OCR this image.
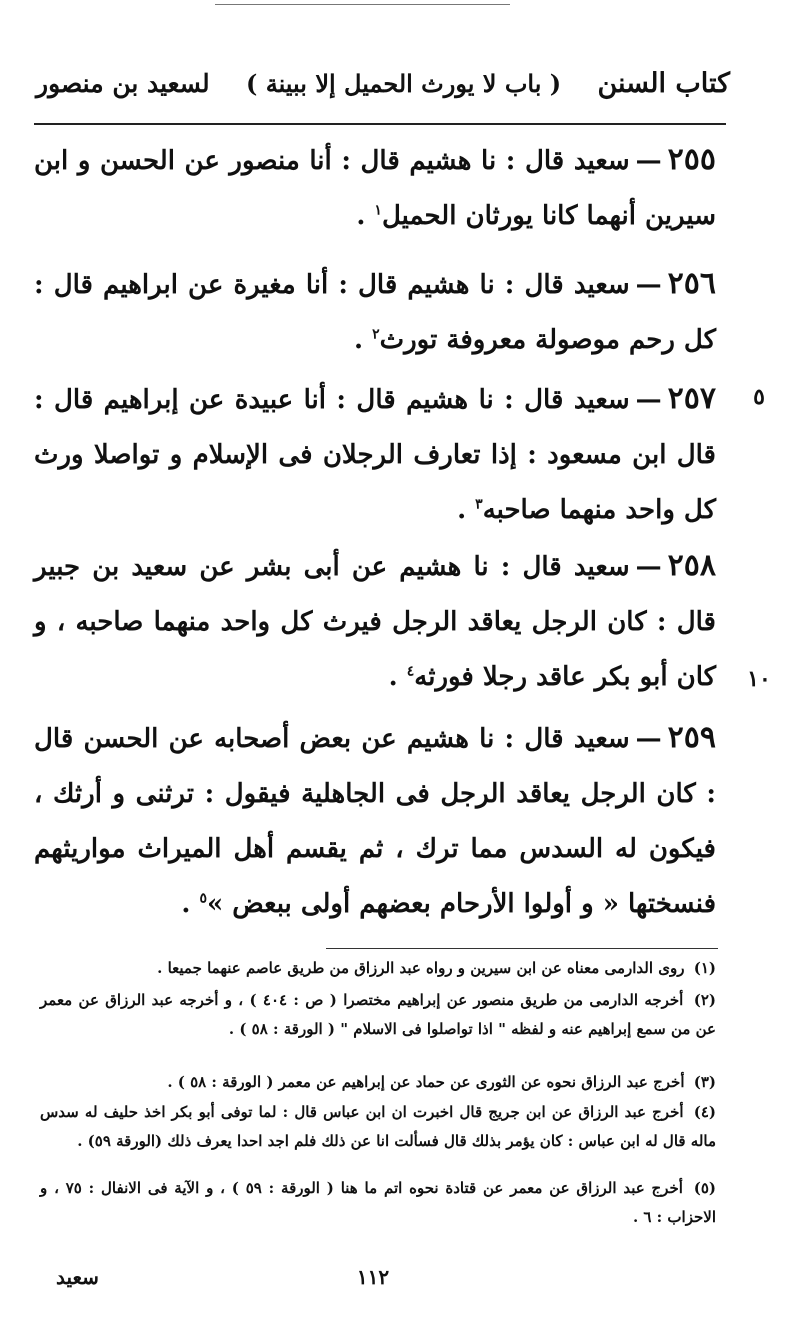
كتاب السنن
( باب لا يورث الحميل إلا ببينة )
لسعيد بن منصور
٢٥٥—سعيد قال : نا هشيم قال : أنا منصور عن الحسن و ابن سيرين أنهما كانا يورثان الحميل$^١$ .
٢٥٦—سعيد قال : نا هشيم قال : أنا مغيرة عن ابراهيم قال : كل رحم موصولة معروفة تورث$^٢$ .
٢٥٧—سعيد قال : نا هشيم قال : أنا عبيدة عن إبراهيم قال : قال ابن مسعود : إذا تعارف الرجلان فى الإسلام و تواصلا ورث كل واحد منهما صاحبه$^٣$ .
٢٥٨—سعيد قال : نا هشيم عن أبى بشر عن سعيد بن جبير قال : كان الرجل يعاقد الرجل فيرث كل واحد منهما صاحبه ، و كان أبو بكر عاقد رجلا فورثه$^٤$ .
٢٥٩—سعيد قال : نا هشيم عن بعض أصحابه عن الحسن قال : كان الرجل يعاقد الرجل فى الجاهلية فيقول : ترثنى و أرثك ، فيكون له السدس مما ترك ، ثم يقسم أهل الميراث مواريثهم فنسختها « و أولوا الأرحام بعضهم أولى ببعض »$^٥$ .
٥
١٠
(١) روى الدارمى معناه عن ابن سيرين و رواه عبد الرزاق من طريق عاصم عنهما جميعا .
(٢) أخرجه الدارمى من طريق منصور عن إبراهيم مختصرا ( ص : ٤٠٤ ) ، و أخرجه عبد الرزاق عن معمر عن من سمع إبراهيم عنه و لفظه " اذا تواصلوا فى الاسلام " ( الورقة : ٥٨ ) .
(٣) أخرج عبد الرزاق نحوه عن الثورى عن حماد عن إبراهيم عن معمر ( الورقة : ٥٨ ) .
(٤) أخرج عبد الرزاق عن ابن جريج قال اخبرت ان ابن عباس قال : لما توفى أبو بكر اخذ حليف له سدس ماله قال له ابن عباس : كان يؤمر بذلك قال فسألت انا عن ذلك فلم اجد احدا يعرف ذلك (الورقة ٥٩) .
(٥) أخرج عبد الرزاق عن معمر عن قتادة نحوه اتم ما هنا ( الورقة : ٥٩ ) ، و الآية فى الانفال : ٧٥ ، و الاحزاب : ٦ .
١١٢
سعيد
